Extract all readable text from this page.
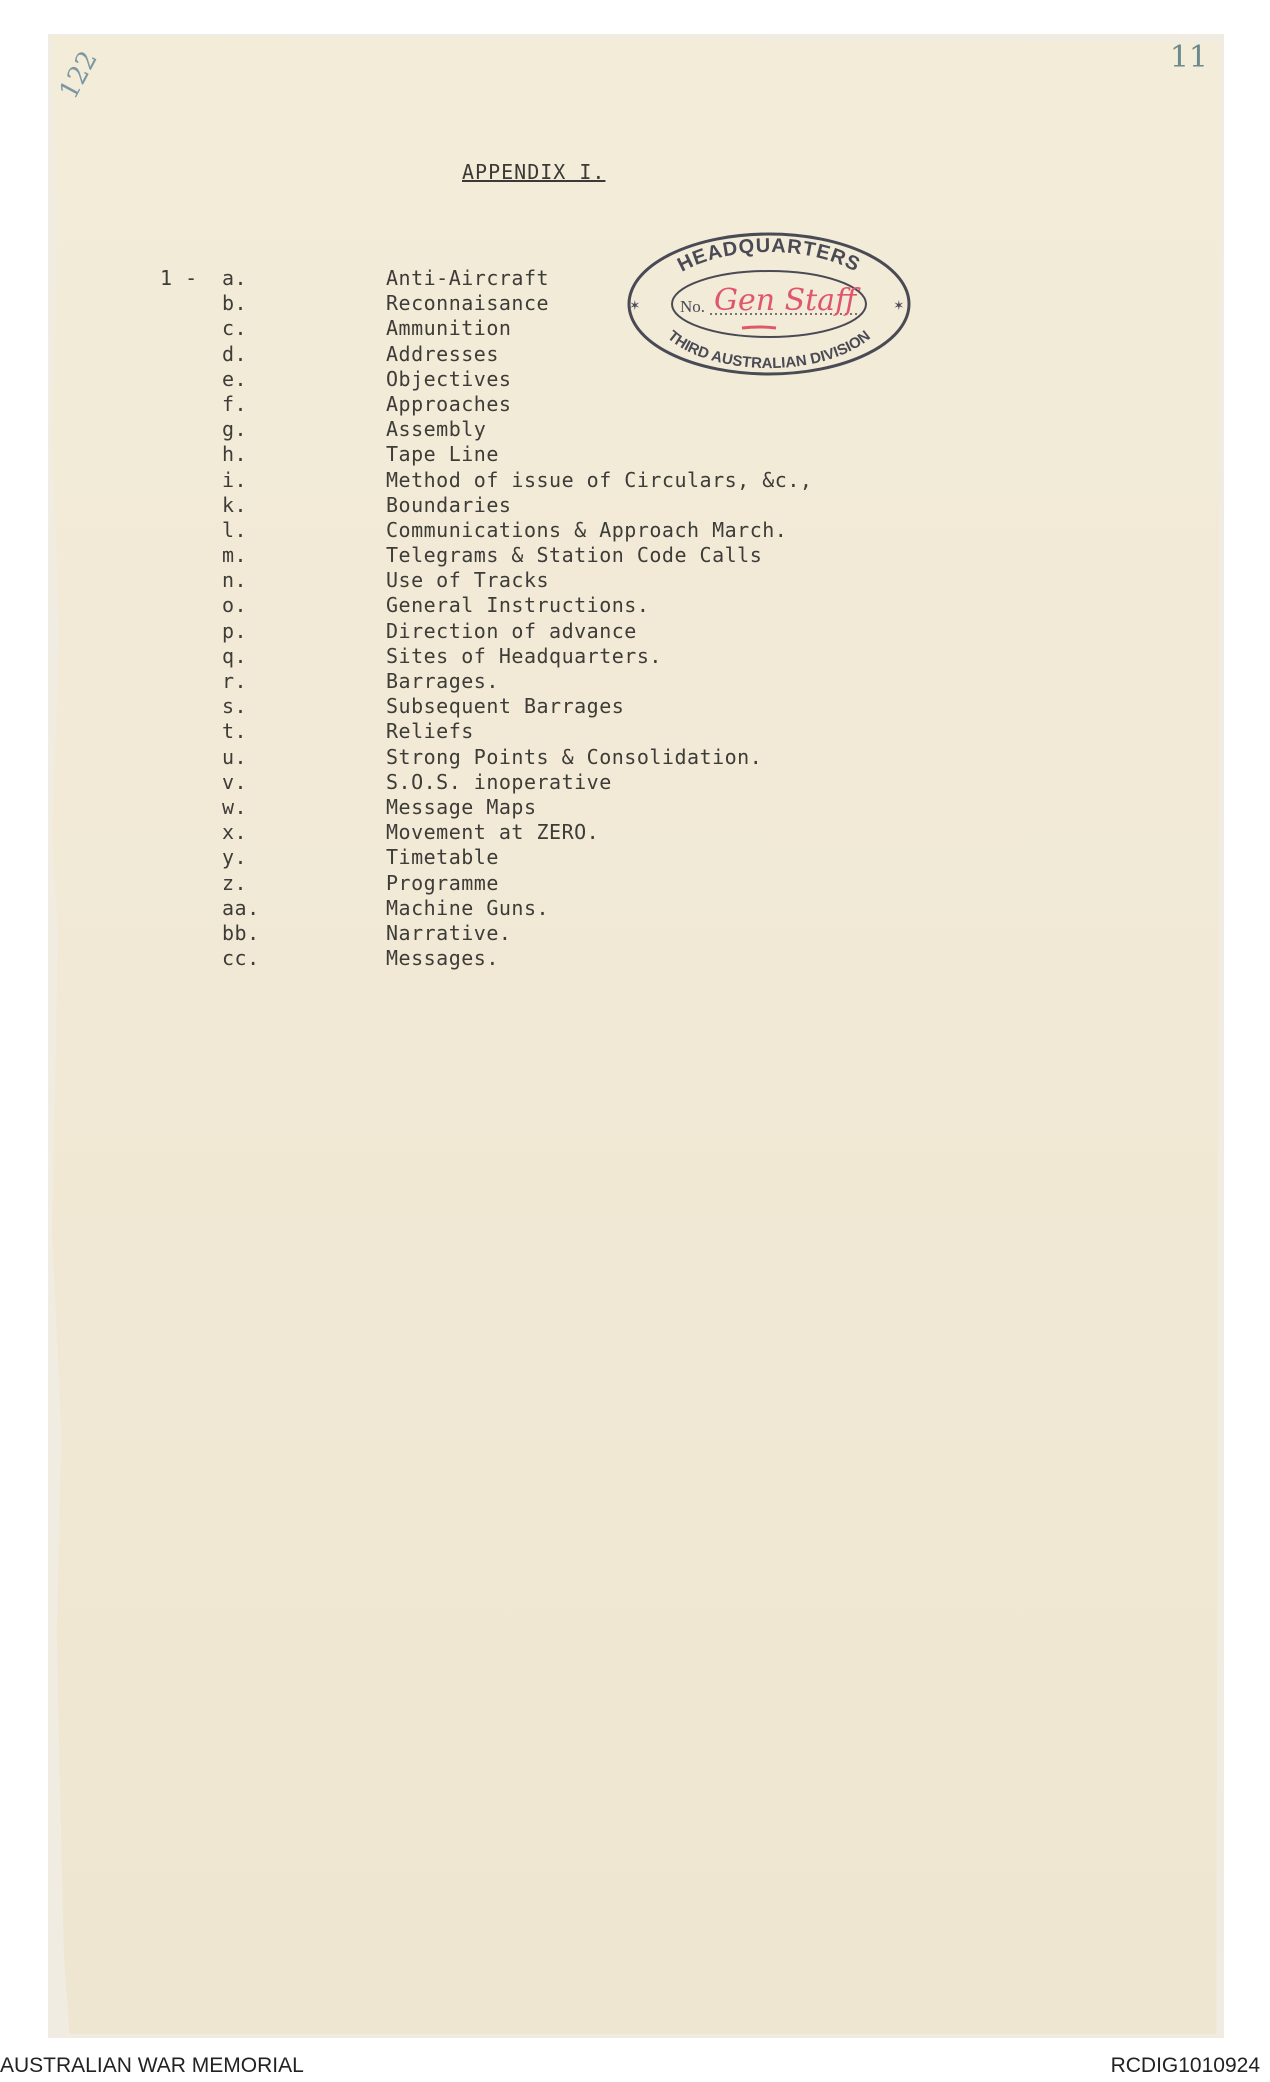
11
122
APPENDIX I.
1 - a.	Anti-Aircraft
b.	Reconnaisance
c.	Ammunition
d.	Addresses
e.	Objectives
f.	Approaches
g.	Assembly
h.	Tape Line
i.	Method of issue of Circulars, &c.,
k.	Boundaries
l.	Communications & Approach March.
m.	Telegrams & Station Code Calls
n.	Use of Tracks
o.	General Instructions.
p.	Direction of advance
q.	Sites of Headquarters.
r.	Barrages.
s.	Subsequent Barrages
t.	Reliefs
u.	Strong Points & Consolidation.
v.	S.O.S. inoperative
w.	Message Maps
x.	Movement at ZERO.
y.	Timetable
z.	Programme
aa.	Machine Guns.
bb.	Narrative.
cc.	Messages.
HEADQUARTERS
THIRD AUSTRALIAN DIVISION
✶	✶
No. Gen Staff
AUSTRALIAN WAR MEMORIAL	RCDIG1010924
